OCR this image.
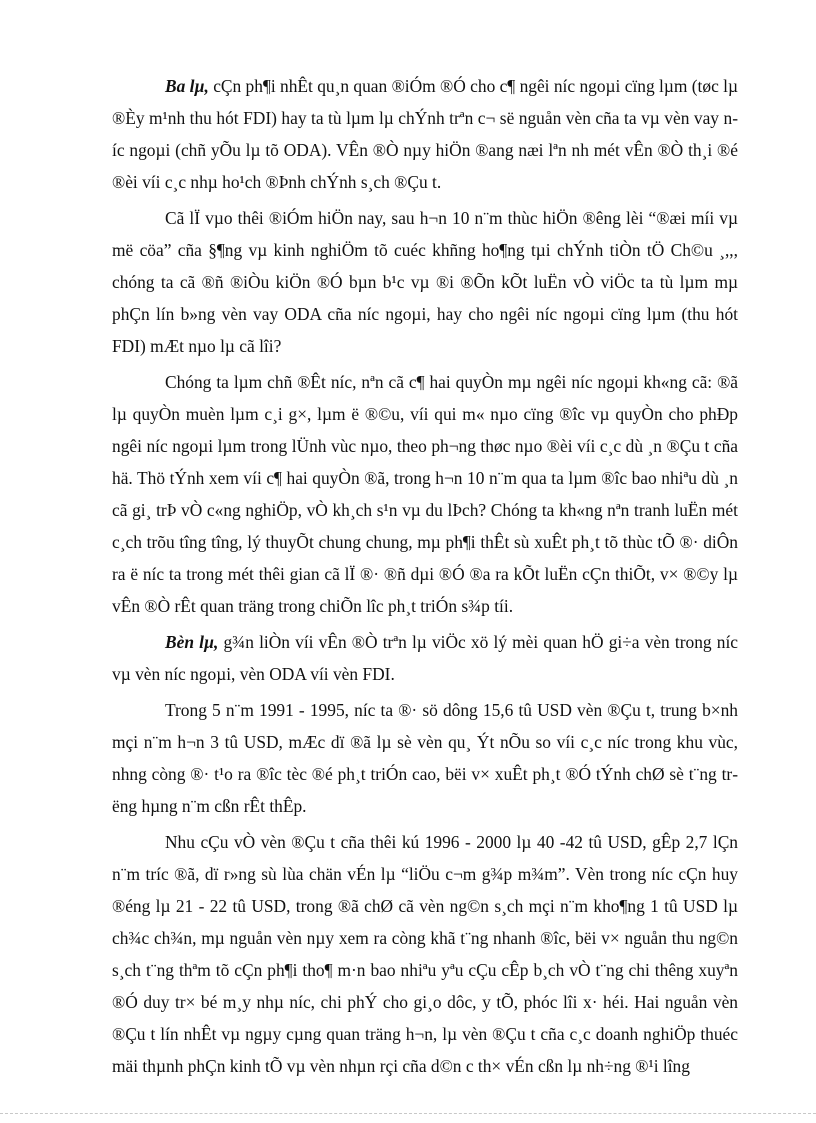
Ba lµ, cÇn ph¶i nhÊt qu¸n quan ®iÓm ®Ó cho c¶ ngêi níc ngoµi cïng lµm (tøc lµ ®Èy m¹nh thu hót FDI) hay ta tù lµm lµ chÝnh trªn c¬ së nguån vèn cña ta vµ vèn vay níc ngoµi (chñ yÕu lµ tõ ODA). VÊn ®Ò nµy hiÖn ®ang næi lªn nh mét vÊn ®Ò th¸i ®é ®èi víi c¸c nhµ ho¹ch ®Þnh chÝnh s¸ch ®Çu t.

Cã lÏ vµo thêi ®iÓm hiÖn nay, sau h¬n 10 n¨m thùc hiÖn ®êng lèi “®æi míi vµ më cöa” cña §¶ng vµ kinh nghiÖm tõ cuéc khñng ho¶ng tµi chÝnh tiÒn tÖ Ch©u ¸,,, chóng ta cã ®ñ ®iÒu kiÖn ®Ó bµn b¹c vµ ®i ®Õn kÕt luËn vÒ viÖc ta tù lµm mµ phÇn lín b»ng vèn vay ODA cña níc ngoµi, hay cho ngêi níc ngoµi cïng lµm (thu hót FDI) mÆt nµo lµ cã lîi?

Chóng ta lµm chñ ®Êt níc, nªn cã c¶ hai quyÒn mµ ngêi níc ngoµi kh«ng cã: ®ã lµ quyÒn muèn lµm c¸i g×, lµm ë ®©u, víi qui m« nµo cïng ®îc vµ quyÒn cho phÐp ngêi níc ngoµi lµm trong lÜnh vùc nµo, theo ph¬ng thøc nµo ®èi víi c¸c dù ¸n ®Çu t cña hä. Thö tÝnh xem víi c¶ hai quyÒn ®ã, trong h¬n 10 n¨m qua ta lµm ®îc bao nhiªu dù ¸n cã gi¸ trÞ vÒ c«ng nghiÖp, vÒ kh¸ch s¹n vµ du lÞch? Chóng ta kh«ng nªn tranh luËn mét c¸ch trõu tîng tîng, lý thuyÕt chung chung, mµ ph¶i thÊt sù xuÊt ph¸t tõ thùc tÕ ®· diÔn ra ë níc ta trong mét thêi gian cã lÏ ®· ®ñ dµi ®Ó ®a ra kÕt luËn cÇn thiÕt, v× ®©y lµ vÊn ®Ò rÊt quan träng trong chiÕn lîc ph¸t triÓn s¾p tíi.

Bèn lµ, g¾n liÒn víi vÊn ®Ò trªn lµ viÖc xö lý mèi quan hÖ gi÷a vèn trong níc vµ vèn níc ngoµi, vèn ODA víi vèn FDI.

Trong 5 n¨m 1991 - 1995, níc ta ®· sö dông 15,6 tû USD vèn ®Çu t, trung b×nh mçi n¨m h¬n 3 tû USD, mÆc dï ®ã lµ sè vèn qu¸ Ýt nÕu so víi c¸c níc trong khu vùc, nhng còng ®· t¹o ra ®îc tèc ®é ph¸t triÓn cao, bëi v× xuÊt ph¸t ®Ó tÝnh chØ sè t¨ng trëng hµng n¨m cßn rÊt thÊp.

Nhu cÇu vÒ vèn ®Çu t cña thêi kú 1996 - 2000 lµ 40 -42 tû USD, gÊp 2,7 lÇn n¨m tríc ®ã, dï r»ng sù lùa chän vÉn lµ “liÖu c¬m g¾p m¾m”. Vèn trong níc cÇn huy ®éng lµ 21 - 22 tû USD, trong ®ã chØ cã vèn ng©n s¸ch mçi n¨m kho¶ng 1 tû USD lµ ch¾c ch¾n, mµ nguån vèn nµy xem ra còng khã t¨ng nhanh ®îc, bëi v× nguån thu ng©n s¸ch t¨ng thªm tõ cÇn ph¶i tho¶ m·n bao nhiªu yªu cÇu cÊp b¸ch vÒ t¨ng chi thêng xuyªn ®Ó duy tr× bé m¸y nhµ níc, chi phÝ cho gi¸o dôc, y tÕ, phóc lîi x· héi. Hai nguån vèn ®Çu t lín nhÊt vµ ngµy cµng quan träng h¬n, lµ vèn ®Çu t cña c¸c doanh nghiÖp thuéc mäi thµnh phÇn kinh tÕ vµ vèn nhµn rçi cña d©n c th× vÉn cßn lµ nh÷ng ®¹i lîng
